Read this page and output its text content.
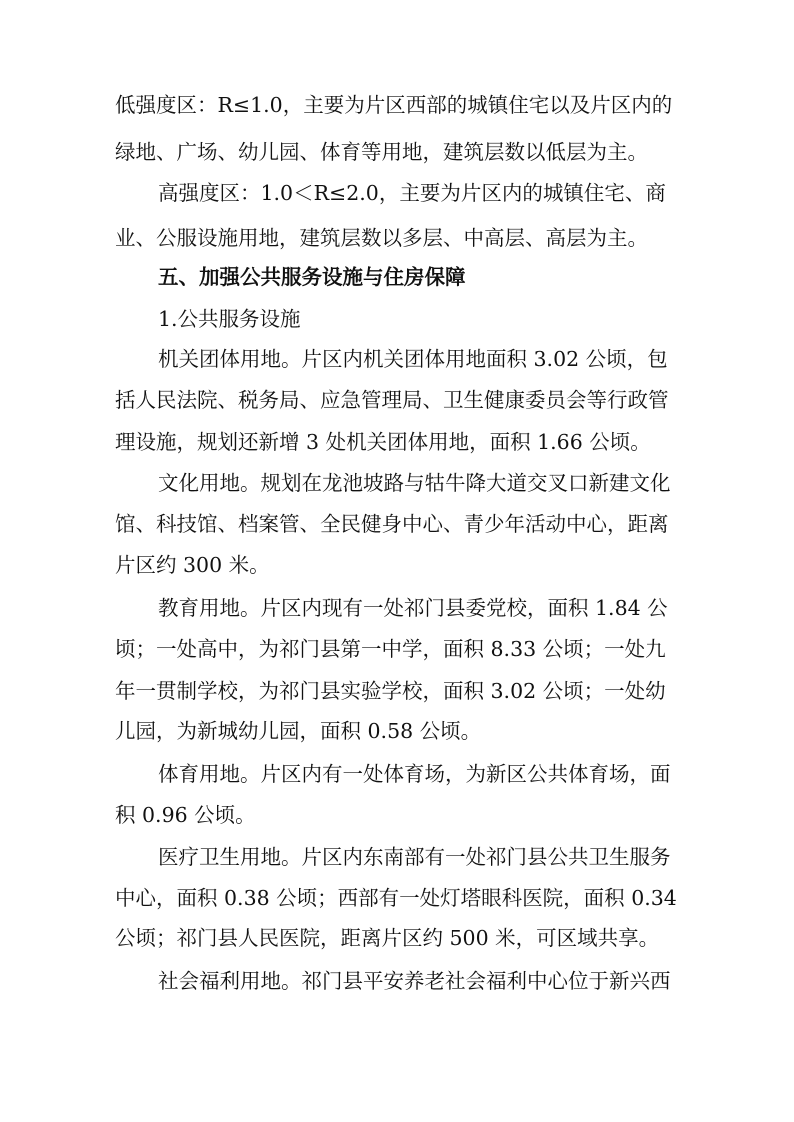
低强度区：R≤1.0，主要为片区西部的城镇住宅以及片区内的
绿地、广场、幼儿园、体育等用地，建筑层数以低层为主。
高强度区：1.0＜R≤2.0，主要为片区内的城镇住宅、商
业、公服设施用地，建筑层数以多层、中高层、高层为主。
五、加强公共服务设施与住房保障
1.公共服务设施
机关团体用地。片区内机关团体用地面积 3.02 公顷，包
括人民法院、税务局、应急管理局、卫生健康委员会等行政管
理设施，规划还新增 3 处机关团体用地，面积 1.66 公顷。
文化用地。规划在龙池坡路与牯牛降大道交叉口新建文化
馆、科技馆、档案管、全民健身中心、青少年活动中心，距离
片区约 300 米。
教育用地。片区内现有一处祁门县委党校，面积 1.84 公
顷；一处高中，为祁门县第一中学，面积 8.33 公顷；一处九
年一贯制学校，为祁门县实验学校，面积 3.02 公顷；一处幼
儿园，为新城幼儿园，面积 0.58 公顷。
体育用地。片区内有一处体育场，为新区公共体育场，面
积 0.96 公顷。
医疗卫生用地。片区内东南部有一处祁门县公共卫生服务
中心，面积 0.38 公顷；西部有一处灯塔眼科医院，面积 0.34
公顷；祁门县人民医院，距离片区约 500 米，可区域共享。
社会福利用地。祁门县平安养老社会福利中心位于新兴西
